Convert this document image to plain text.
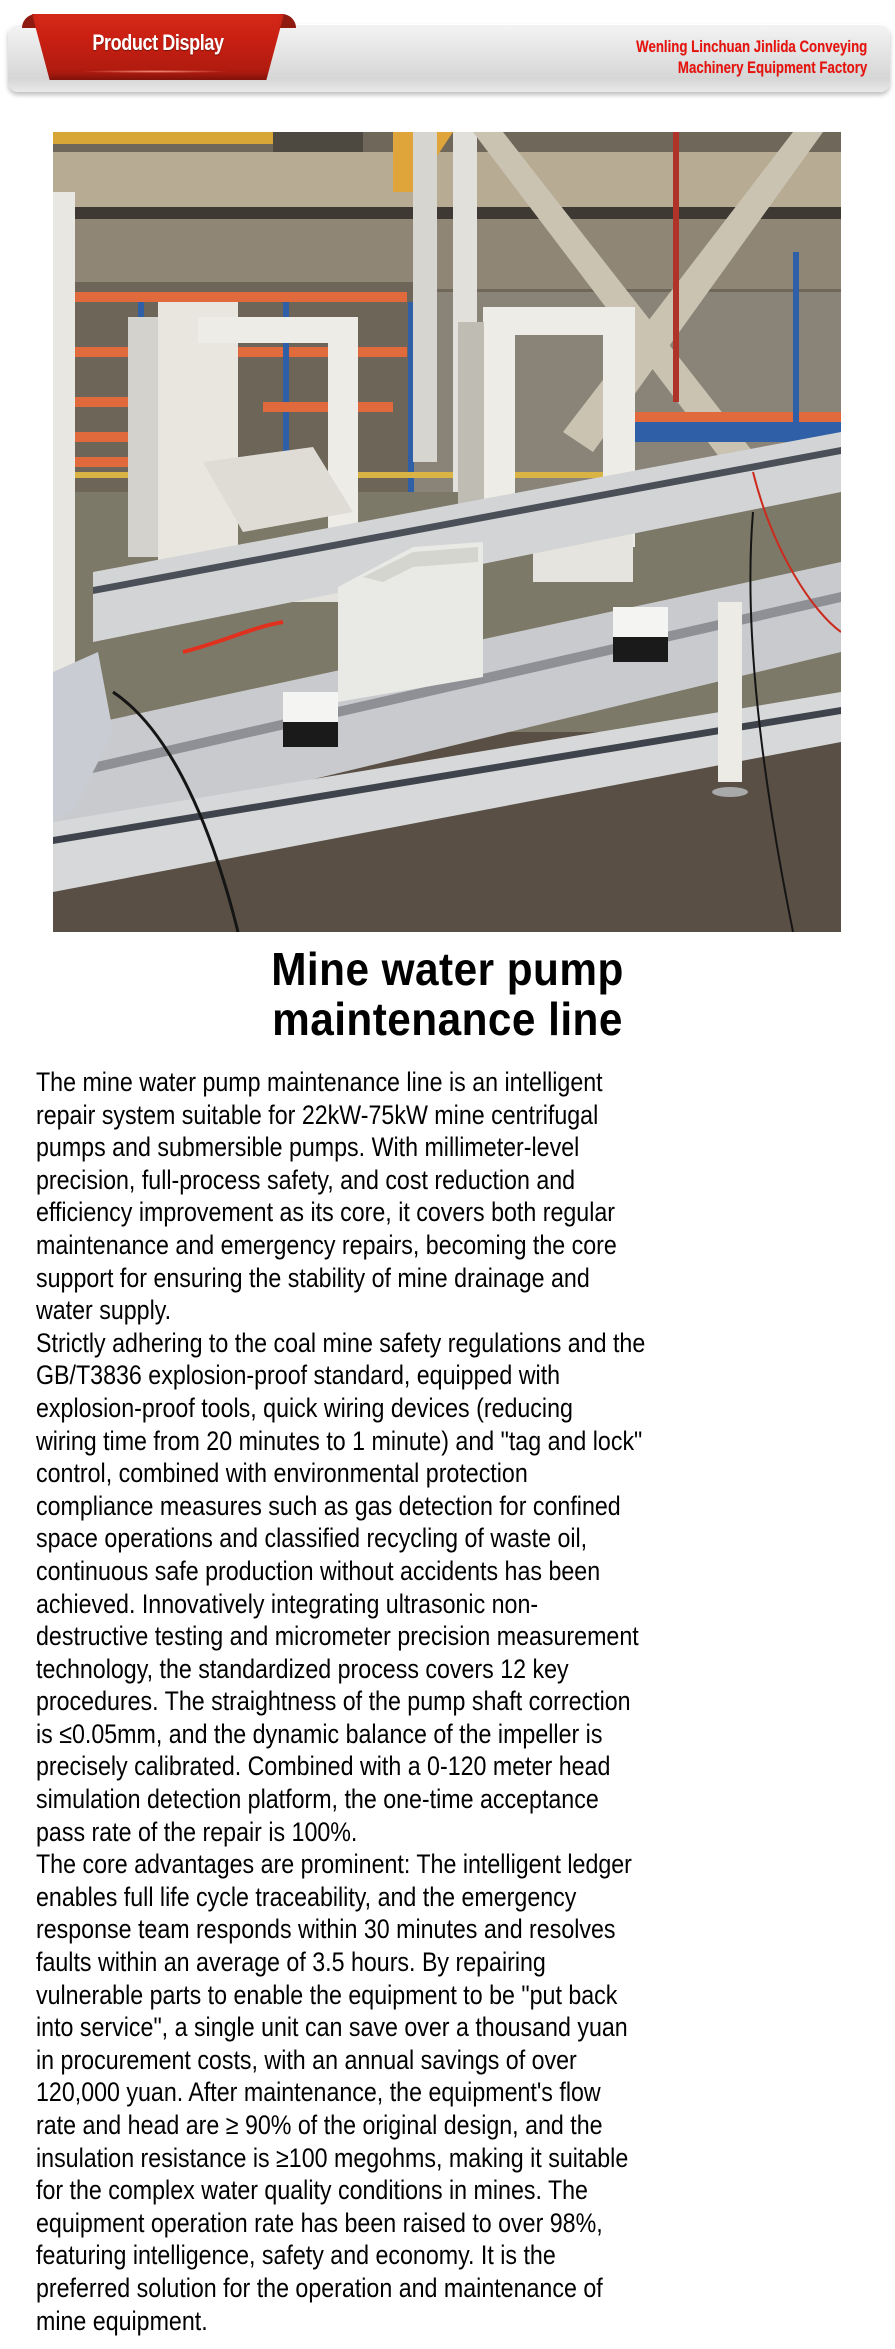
Product Display	Wenling Linchuan Jinlida Conveying
Machinery Equipment Factory
Mine water pump
maintenance line
The mine water pump maintenance line is an intelligent
repair system suitable for 22kW-75kW mine centrifugal
pumps and submersible pumps. With millimeter-level
precision, full-process safety, and cost reduction and
efficiency improvement as its core, it covers both regular
maintenance and emergency repairs, becoming the core
support for ensuring the stability of mine drainage and
water supply.
Strictly adhering to the coal mine safety regulations and the
GB/T3836 explosion-proof standard, equipped with
explosion-proof tools, quick wiring devices (reducing
wiring time from 20 minutes to 1 minute) and "tag and lock"
control, combined with environmental protection
compliance measures such as gas detection for confined
space operations and classified recycling of waste oil,
continuous safe production without accidents has been
achieved. Innovatively integrating ultrasonic non-
destructive testing and micrometer precision measurement
technology, the standardized process covers 12 key
procedures. The straightness of the pump shaft correction
is ≤0.05mm, and the dynamic balance of the impeller is
precisely calibrated. Combined with a 0-120 meter head
simulation detection platform, the one-time acceptance
pass rate of the repair is 100%.
The core advantages are prominent: The intelligent ledger
enables full life cycle traceability, and the emergency
response team responds within 30 minutes and resolves
faults within an average of 3.5 hours. By repairing
vulnerable parts to enable the equipment to be "put back
into service", a single unit can save over a thousand yuan
in procurement costs, with an annual savings of over
120,000 yuan. After maintenance, the equipment's flow
rate and head are ≥ 90% of the original design, and the
insulation resistance is ≥100 megohms, making it suitable
for the complex water quality conditions in mines. The
equipment operation rate has been raised to over 98%,
featuring intelligence, safety and economy. It is the
preferred solution for the operation and maintenance of
mine equipment.
